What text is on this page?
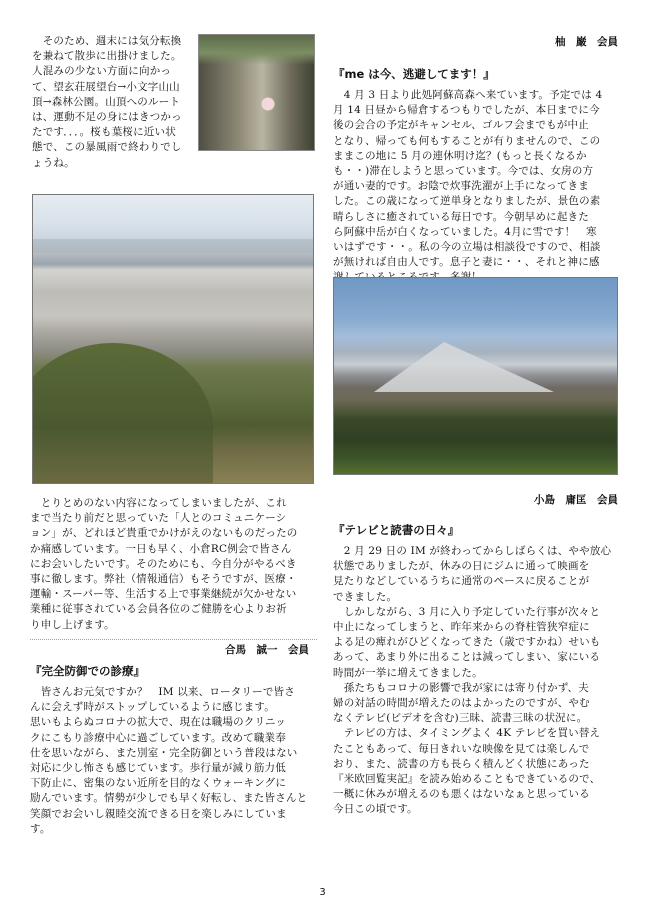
　そのため、週末には気分転換
を兼ねて散歩に出掛けました。
人混みの少ない方面に向かっ
て、望玄荘展望台→小文字山山
頂→森林公園。山頂へのルート
は、運動不足の身にはきつかっ
たです．．．。桜も葉桜に近い状
態で、この暴風雨で終わりでし
ょうね。

　とりとめのない内容になってしまいましたが、これ
まで当たり前だと思っていた「人とのコミュニケーシ
ョン」が、どれほど貴重でかけがえのないものだったの
か痛感しています。一日も早く、小倉RC例会で皆さん
にお会いしたいです。そのためにも、今自分がやるべき
事に徹します。弊社（情報通信）もそうですが、医療・
運輸・スーパー等、生活する上で事業継続が欠かせない
業種に従事されている会員各位のご健勝を心よりお祈
り申し上げます。

合馬　誠一　会員

『完全防御での診療』

　皆さんお元気ですか？　IM 以来、ロータリーで皆さ
んに会えず時がストップしているように感じます。
思いもよらぬコロナの拡大で、現在は職場のクリニッ
クにこもり診療中心に過ごしています。改めて職業奉
仕を思いながら、また別室・完全防御という普段はない
対応に少し怖さも感じています。歩行量が減り筋力低
下防止に、密集のない近所を目的なくウォーキングに
励んでいます。情勢が少しでも早く好転し、また皆さんと
笑顔でお会いし親睦交流できる日を楽しみにしていま
す。

柚　巌　会員

『me は今、逃避してます！』

　4 月 3 日より此処阿蘇高森へ来ています。予定では 4
月 14 日昼から帰倉するつもりでしたが、本日までに今
後の会合の予定がキャンセル、ゴルフ会までもが中止
となり、帰っても何もすることが有りませんので、この
ままこの地に 5 月の連休明け迄？(もっと長くなるか
も・・)滞在しようと思っています。今では、女房の方
が通い妻的です。お陰で炊事洗濯が上手になってきま
した。この歳になって逆単身となりましたが、景色の素
晴らしさに癒されている毎日です。今朝早めに起きた
ら阿蘇中岳が白くなっていました。4月に雪です！　寒
いはずです・・。私の今の立場は相談役ですので、相談
が無ければ自由人です。息子と妻に・・、それと神に感

小島　庸匡　会員

『テレビと読書の日々』

　2 月 29 日の IM が終わってからしばらくは、やや放心
状態でありましたが、休みの日にジムに通って映画を
見たりなどしているうちに通常のペースに戻ることが
できました。
　しかしながら、3 月に入り予定していた行事が次々と
中止になってしまうと、昨年来からの脊柱管狭窄症に
よる足の痺れがひどくなってきた（歳ですかね）せいも
あって、あまり外に出ることは減ってしまい、家にいる
時間が一挙に増えてきました。
　孫たちもコロナの影響で我が家には寄り付かず、夫
婦の対話の時間が増えたのはよかったのですが、やむ
なくテレビ(ビデオを含む)三昧、読書三昧の状況に。
　テレビの方は、タイミングよく 4K テレビを買い替え
たこともあって、毎日きれいな映像を見ては楽しんで
おり、また、読書の方も長らく積んどく状態にあった
『米欧回覧実記』を読み始めることもできているので、
一概に休みが増えるのも悪くはないなぁと思っている
今日この頃です。

3
